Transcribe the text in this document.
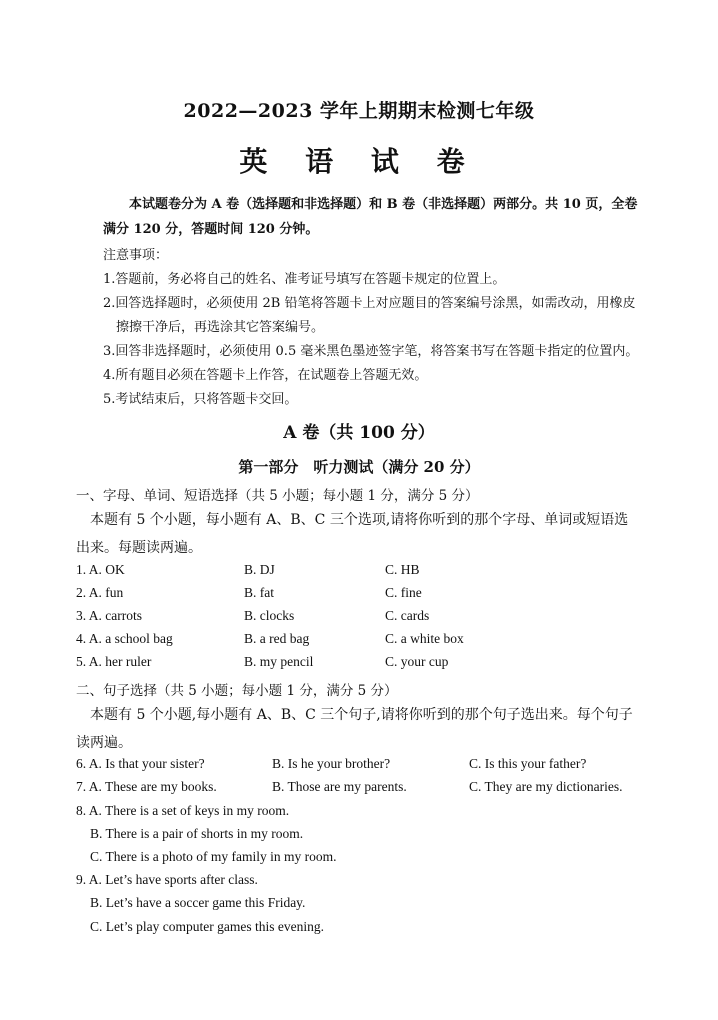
2022—2023 学年上期期末检测七年级
英 语 试 卷
本试题卷分为 A 卷（选择题和非选择题）和 B 卷（非选择题）两部分。共 10 页，全卷满分 120 分，答题时间 120 分钟。
注意事项：
1.答题前，务必将自己的姓名、准考证号填写在答题卡规定的位置上。
2.回答选择题时，必须使用 2B 铅笔将答题卡上对应题目的答案编号涂黑，如需改动，用橡皮
擦擦干净后，再选涂其它答案编号。
3.回答非选择题时，必须使用 0.5 毫米黑色墨迹签字笔，将答案书写在答题卡指定的位置内。
4.所有题目必须在答题卡上作答，在试题卷上答题无效。
5.考试结束后，只将答题卡交回。
A 卷（共 100 分）
第一部分　听力测试（满分 20 分）
一、字母、单词、短语选择（共 5 小题；每小题 1 分，满分 5 分）
本题有 5 个小题，每小题有 A、B、C 三个选项,请将你听到的那个字母、单词或短语选出来。每题读两遍。
1. A. OK	B. DJ	C. HB
2. A. fun	B. fat	C. fine
3. A. carrots	B. clocks	C. cards
4. A. a school bag	B. a red bag	C. a white box
5. A. her ruler	B. my pencil	C. your cup
二、句子选择（共 5 小题；每小题 1 分，满分 5 分）
本题有 5 个小题,每小题有 A、B、C 三个句子,请将你听到的那个句子选出来。每个句子读两遍。
6. A. Is that your sister?	B. Is he your brother?	C. Is this your father?
7. A. These are my books.	B. Those are my parents.	C. They are my dictionaries.
8. A. There is a set of keys in my room.
B. There is a pair of shorts in my room.
C. There is a photo of my family in my room.
9. A. Let’s have sports after class.
B. Let’s have a soccer game this Friday.
C. Let’s play computer games this evening.
